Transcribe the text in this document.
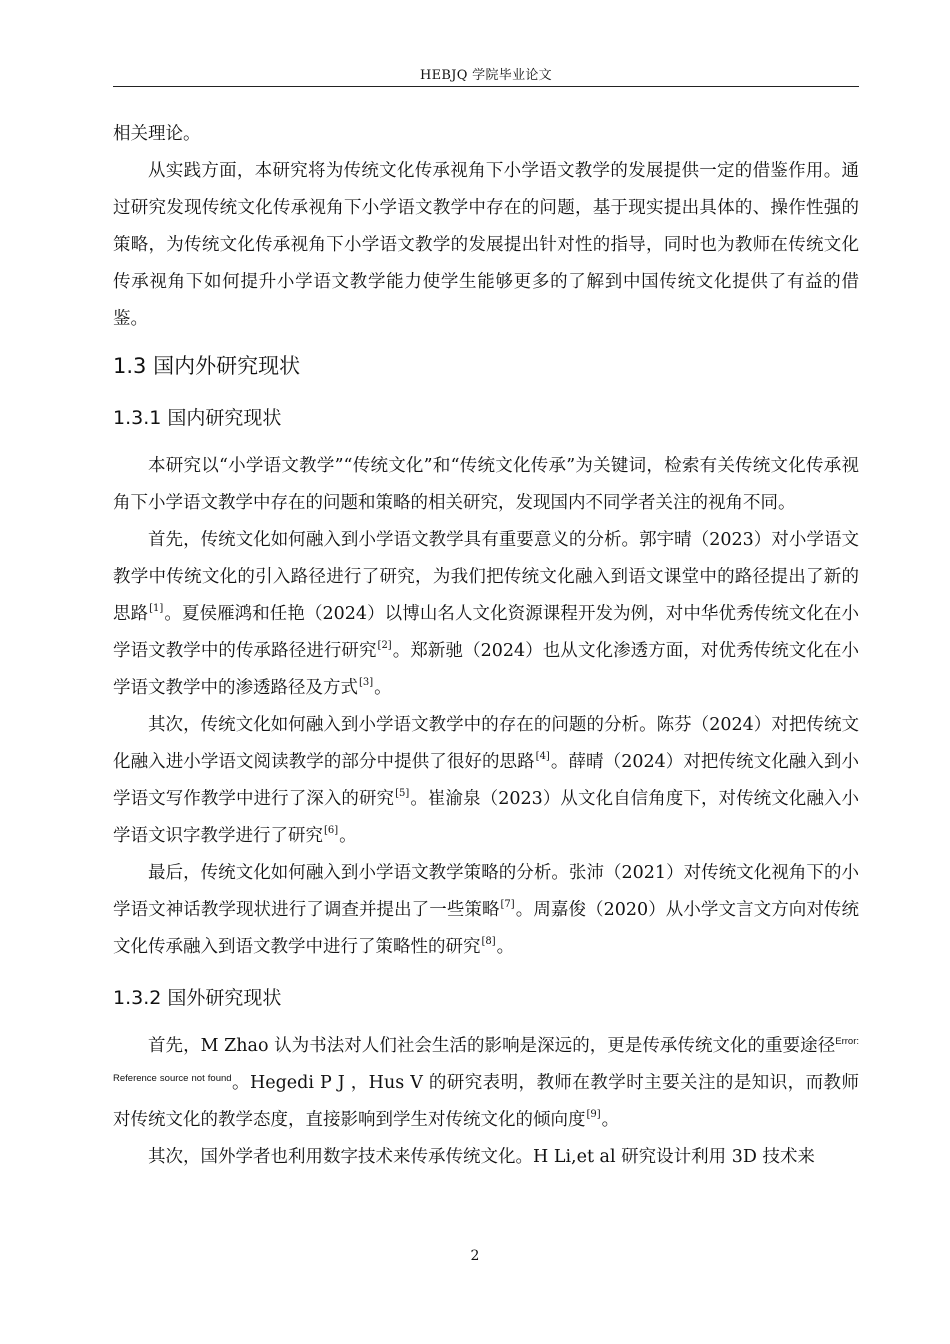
HEBJQ 学院毕业论文

相关理论。

从实践方面，本研究将为传统文化传承视角下小学语文教学的发展提供一定的借鉴作用。通过研究发现传统文化传承视角下小学语文教学中存在的问题，基于现实提出具体的、操作性强的策略，为传统文化传承视角下小学语文教学的发展提出针对性的指导，同时也为教师在传统文化传承视角下如何提升小学语文教学能力使学生能够更多的了解到中国传统文化提供了有益的借鉴。

1.3 国内外研究现状
1.3.1 国内研究现状

本研究以“小学语文教学”“传统文化”和“传统文化传承”为关键词，检索有关传统文化传承视角下小学语文教学中存在的问题和策略的相关研究，发现国内不同学者关注的视角不同。

首先，传统文化如何融入到小学语文教学具有重要意义的分析。郭宇晴（2023）对小学语文教学中传统文化的引入路径进行了研究，为我们把传统文化融入到语文课堂中的路径提出了新的思路[1]。夏侯雁鸿和任艳（2024）以博山名人文化资源课程开发为例，对中华优秀传统文化在小学语文教学中的传承路径进行研究[2]。郑新驰（2024）也从文化渗透方面，对优秀传统文化在小学语文教学中的渗透路径及方式[3]。

其次，传统文化如何融入到小学语文教学中的存在的问题的分析。陈芬（2024）对把传统文化融入进小学语文阅读教学的部分中提供了很好的思路[4]。薛晴（2024）对把传统文化融入到小学语文写作教学中进行了深入的研究[5]。崔渝泉（2023）从文化自信角度下，对传统文化融入小学语文识字教学进行了研究[6]。

最后，传统文化如何融入到小学语文教学策略的分析。张沛（2021）对传统文化视角下的小学语文神话教学现状进行了调查并提出了一些策略[7]。周嘉俊（2020）从小学文言文方向对传统文化传承融入到语文教学中进行了策略性的研究[8]。

1.3.2 国外研究现状

首先，M Zhao 认为书法对人们社会生活的影响是深远的，更是传承传统文化的重要途径$^{Error: Reference source not found}$。Hegedi P J ，Hus V 的研究表明，教师在教学时主要关注的是知识，而教师对传统文化的教学态度，直接影响到学生对传统文化的倾向度[9]。

其次，国外学者也利用数字技术来传承传统文化。H Li,et al 研究设计利用 3D 技术来

2
